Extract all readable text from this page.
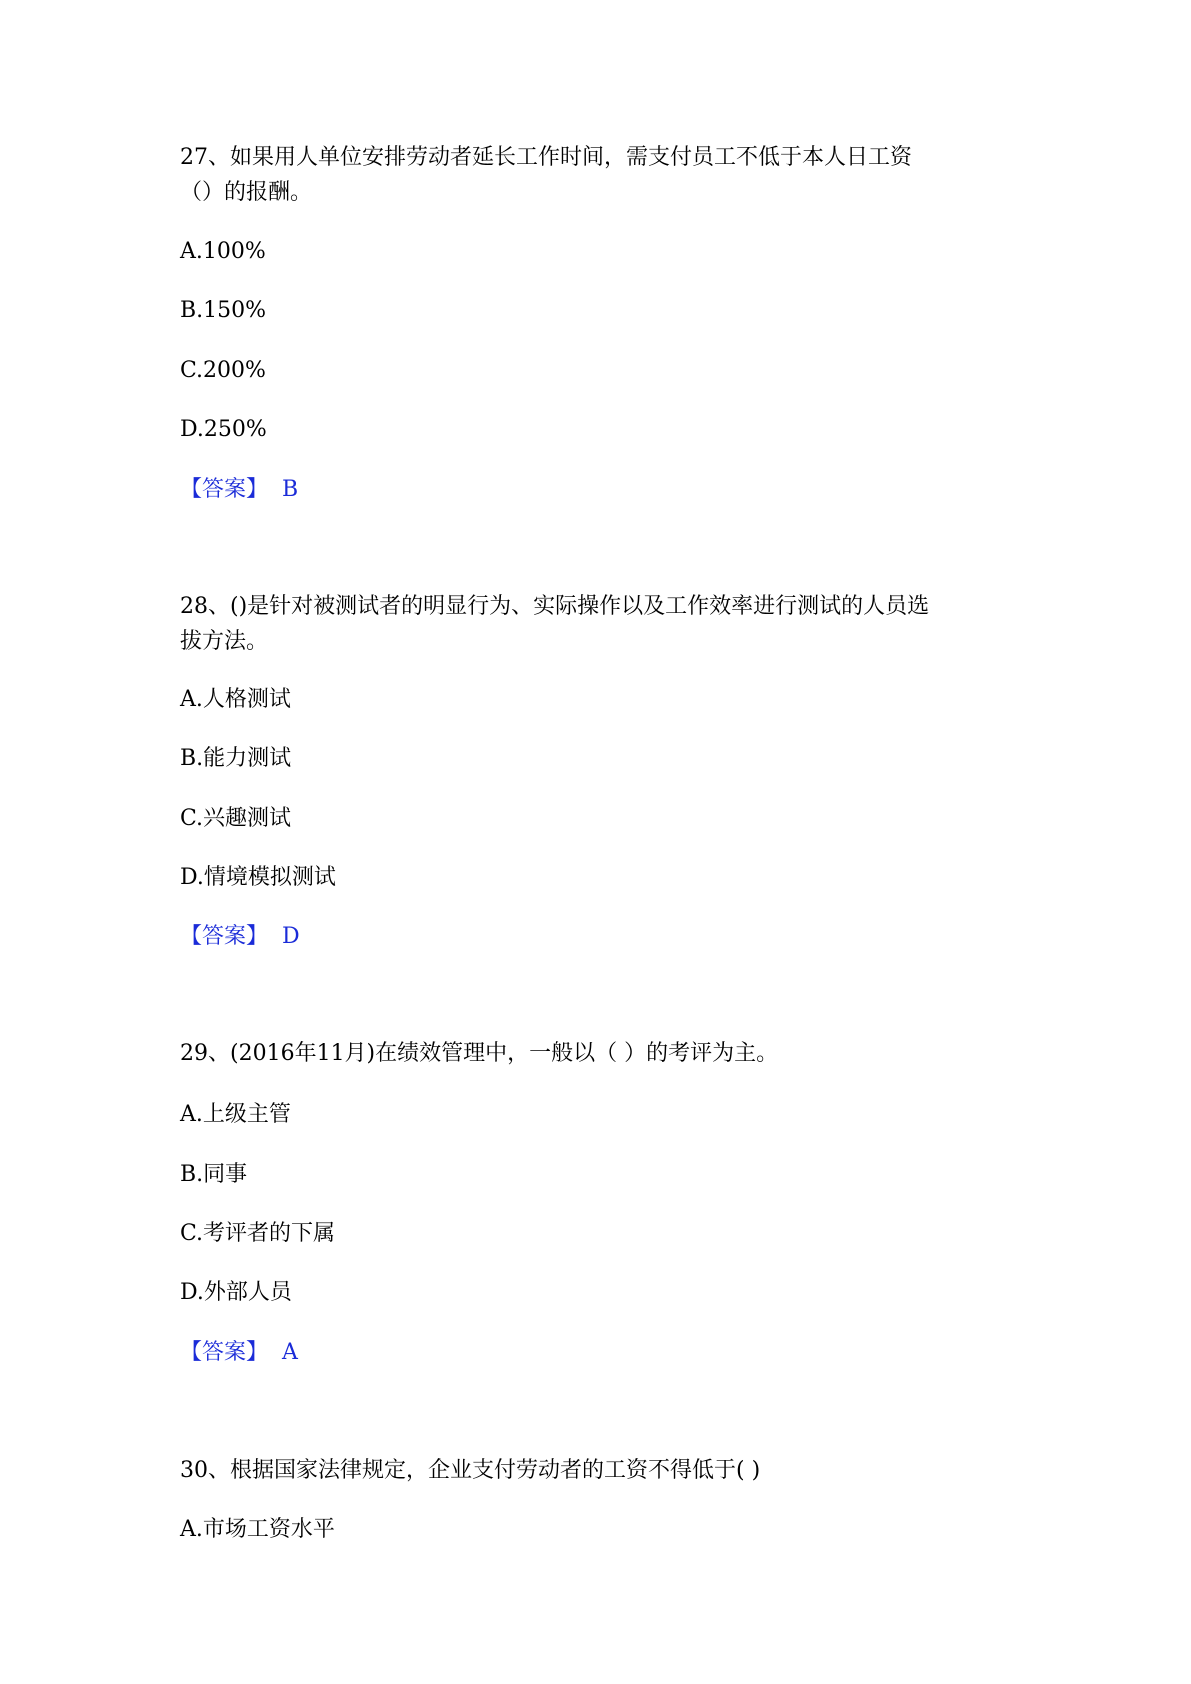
27、如果用人单位安排劳动者延长工作时间，需支付员工不低于本人日工资
（）的报酬。
A.100%
B.150%
C.200%
D.250%
【答案】 B
28、()是针对被测试者的明显行为、实际操作以及工作效率进行测试的人员选
拔方法。
A.人格测试
B.能力测试
C.兴趣测试
D.情境模拟测试
【答案】 D
29、(2016年11月)在绩效管理中，一般以（ ）的考评为主。
A.上级主管
B.同事
C.考评者的下属
D.外部人员
【答案】 A
30、根据国家法律规定，企业支付劳动者的工资不得低于( )
A.市场工资水平
